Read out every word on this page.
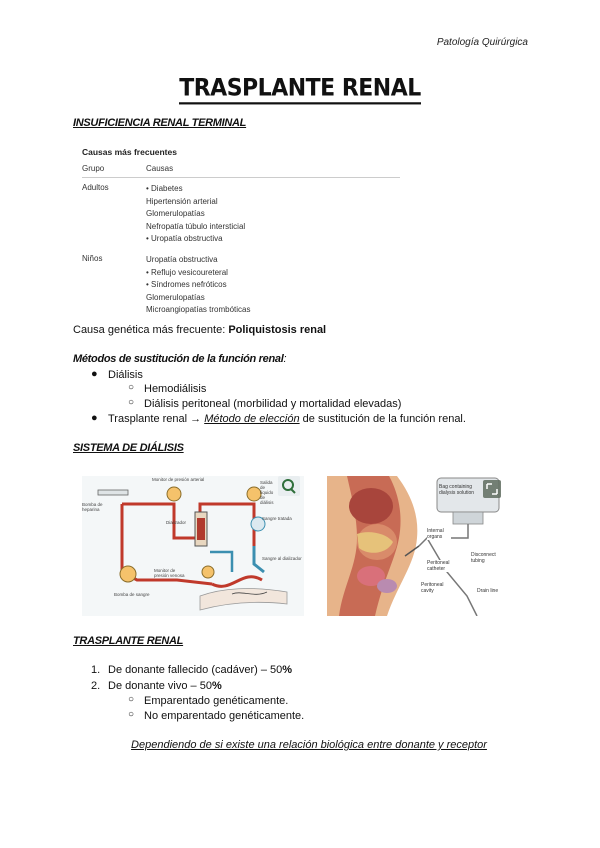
Patología Quirúrgica
TRASPLANTE RENAL
INSUFICIENCIA RENAL TERMINAL
Causas más frecuentes
Grupo	Causas
Adultos	• Diabetes
Hipertensión arterial
Glomerulopatías
Nefropatía túbulo intersticial
• Uropatía obstructiva
Niños	Uropatía obstructiva
• Reflujo vesicoureteral
• Síndromes nefróticos
Glomerulopatías
Microangiopatías trombóticas
Causa genética más frecuente: Poliquistosis renal
Métodos de sustitución de la función renal:
● Diálisis
○ Hemodiálisis
○ Diálisis peritoneal (morbilidad y mortalidad elevadas)
● Trasplante renal → Método de elección de sustitución de la función renal.
SISTEMA DE DIÁLISIS
Monitor de presión arterial
Bomba de heparina
Dializador
Bomba de sangre
Monitor de presión venosa
Sangre tratada
Sangre al dializador
Salida de líquido de diálisis
Bag containing dialysis solution
Internal organs
Peritoneal catheter
Disconnect tubing
Peritoneal cavity	Drain line
TRASPLANTE RENAL
1. De donante fallecido (cadáver) – 50%
2. De donante vivo – 50%
○ Emparentado genéticamente.
○ No emparentado genéticamente.
Dependiendo de si existe una relación biológica entre donante y receptor
